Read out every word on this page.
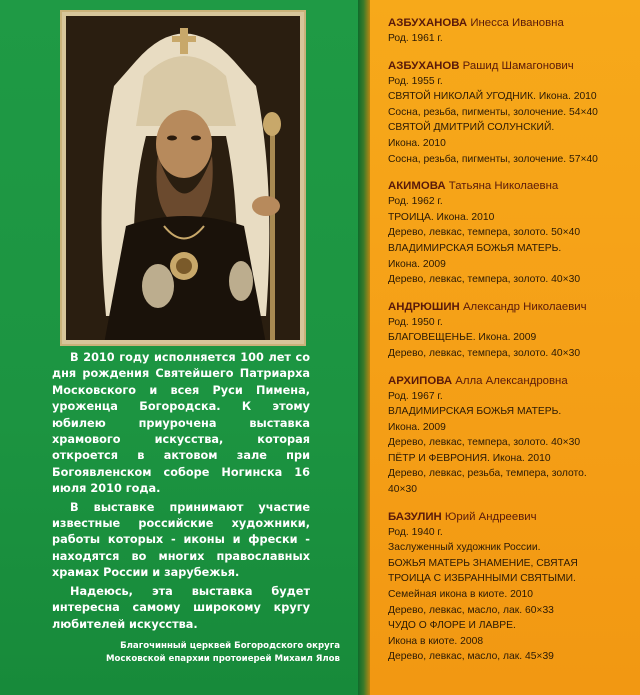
В 2010 году исполняется 100 лет со дня рождения Святейшего Патриарха Московского и всея Руси Пимена, уроженца Богородска. К этому юбилею приурочена выставка храмового искусства, которая откроется в актовом зале при Богоявленском соборе Ногинска 16 июля 2010 года.

В выставке принимают участие известные российские художники, работы которых - иконы и фрески - находятся во многих православных храмах России и зарубежья.

Надеюсь, эта выставка будет интересна самому широкому кругу любителей искусства.

Благочинный церквей Богородского округа
Московской епархии протоиерей Михаил Ялов
АЗБУХАНОВА Инесса Ивановна
Род. 1961 г.
АЗБУХАНОВ Рашид Шамагонович
Род. 1955 г.
СВЯТОЙ НИКОЛАЙ УГОДНИК. Икона. 2010
Сосна, резьба, пигменты, золочение. 54×40
СВЯТОЙ ДМИТРИЙ СОЛУНСКИЙ.
Икона. 2010
Сосна, резьба, пигменты, золочение. 57×40
АКИМОВА Татьяна Николаевна
Род. 1962 г.
ТРОИЦА. Икона. 2010
Дерево, левкас, темпера, золото. 50×40
ВЛАДИМИРСКАЯ БОЖЬЯ МАТЕРЬ.
Икона. 2009
Дерево, левкас, темпера, золото. 40×30
АНДРЮШИН Александр Николаевич
Род. 1950 г.
БЛАГОВЕЩЕНЬЕ. Икона. 2009
Дерево, левкас, темпера, золото. 40×30
АРХИПОВА Алла Александровна
Род. 1967 г.
ВЛАДИМИРСКАЯ БОЖЬЯ МАТЕРЬ.
Икона. 2009
Дерево, левкас, темпера, золото. 40×30
ПЁТР И ФЕВРОНИЯ. Икона. 2010
Дерево, левкас, резьба, темпера, золото.
40×30
БАЗУЛИН Юрий Андреевич
Род. 1940 г.
Заслуженный художник России.
БОЖЬЯ МАТЕРЬ ЗНАМЕНИЕ, СВЯТАЯ
ТРОИЦА С ИЗБРАННЫМИ СВЯТЫМИ.
Семейная икона в киоте. 2010
Дерево, левкас, масло, лак. 60×33
ЧУДО О ФЛОРЕ И ЛАВРЕ.
Икона в киоте. 2008
Дерево, левкас, масло, лак. 45×39
